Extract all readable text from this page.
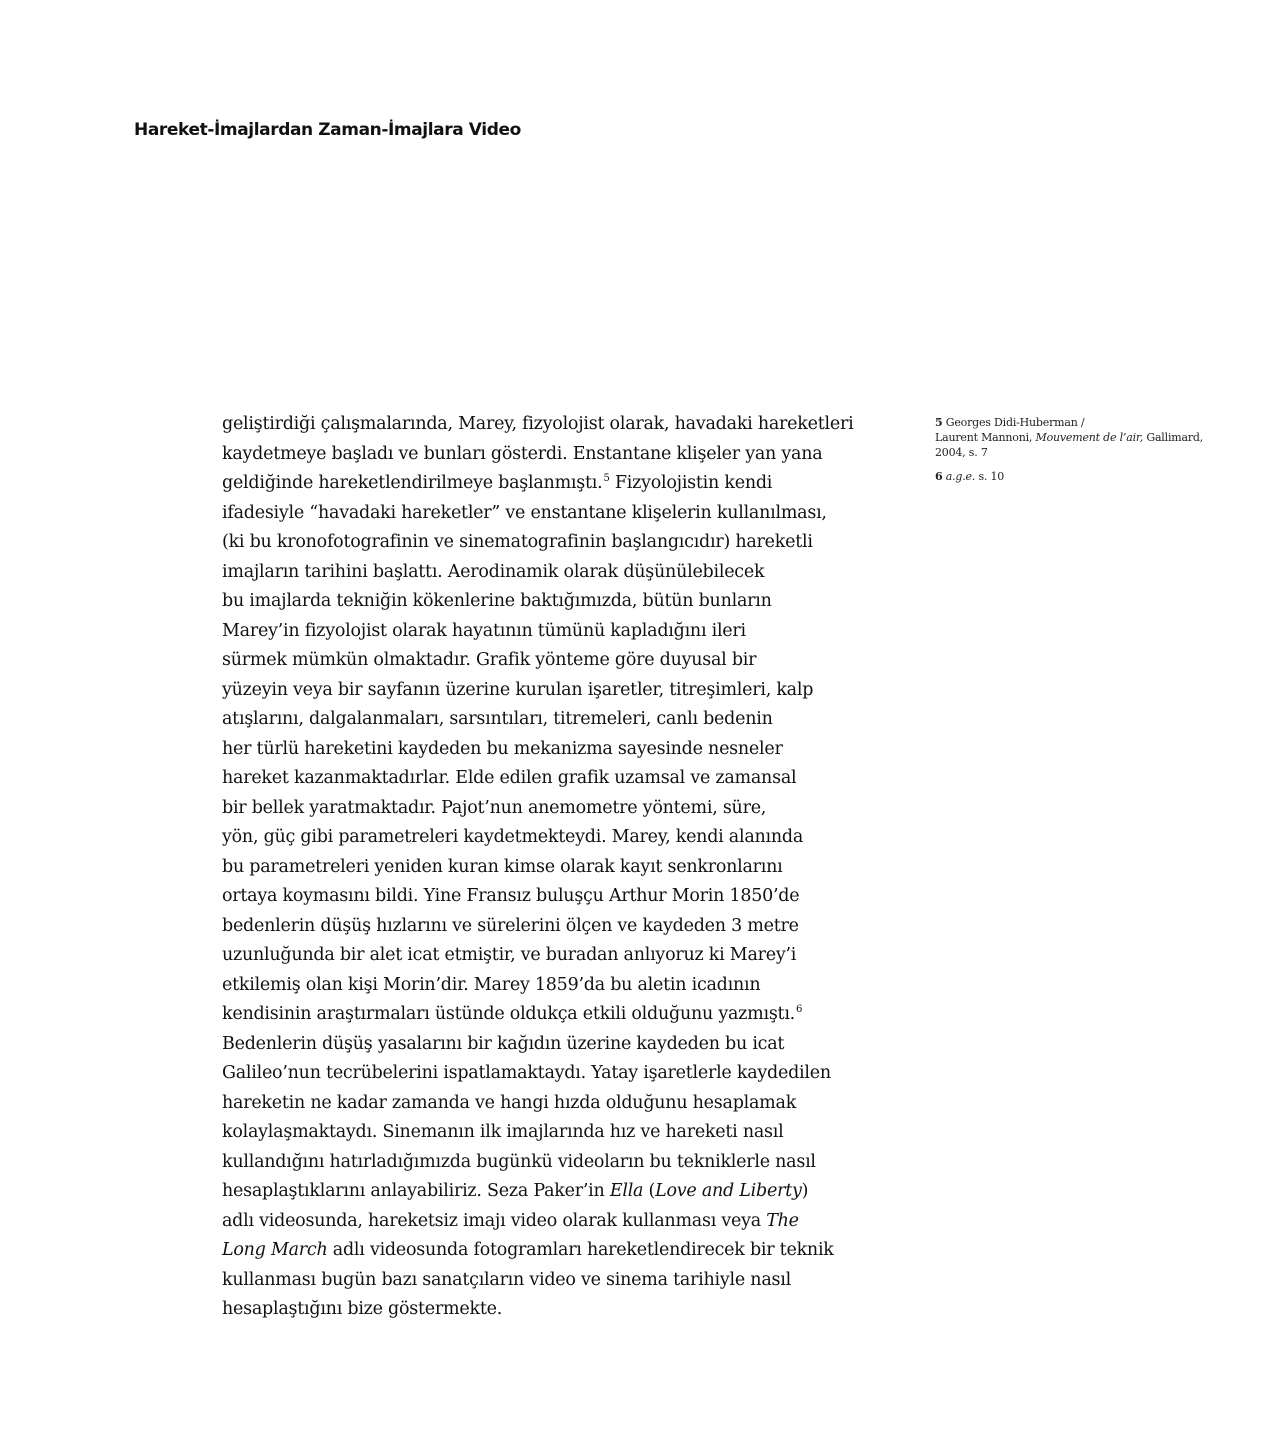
Hareket-İmajlardan Zaman-İmajlara Video
geliştirdiği çalışmalarında, Marey, fizyolojist olarak, havadaki hareketleri
kaydetmeye başladı ve bunları gösterdi. Enstantane klişeler yan yana
geldiğinde hareketlendirilmeye başlanmıştı.$^5$ Fizyolojistin kendi
ifadesiyle “havadaki hareketler” ve enstantane klişelerin kullanılması,
(ki bu kronofotografinin ve sinematografinin başlangıcıdır) hareketli
imajların tarihini başlattı. Aerodinamik olarak düşünülebilecek
bu imajlarda tekniğin kökenlerine baktığımızda, bütün bunların
Marey’in fizyolojist olarak hayatının tümünü kapladığını ileri
sürmek mümkün olmaktadır. Grafik yönteme göre duyusal bir
yüzeyin veya bir sayfanın üzerine kurulan işaretler, titreşimleri, kalp
atışlarını, dalgalanmaları, sarsıntıları, titremeleri, canlı bedenin
her türlü hareketini kaydeden bu mekanizma sayesinde nesneler
hareket kazanmaktadırlar. Elde edilen grafik uzamsal ve zamansal
bir bellek yaratmaktadır. Pajot’nun anemometre yöntemi, süre,
yön, güç gibi parametreleri kaydetmekteydi. Marey, kendi alanında
bu parametreleri yeniden kuran kimse olarak kayıt senkronlarını
ortaya koymasını bildi. Yine Fransız buluşçu Arthur Morin 1850’de
bedenlerin düşüş hızlarını ve sürelerini ölçen ve kaydeden 3 metre
uzunluğunda bir alet icat etmiştir, ve buradan anlıyoruz ki Marey’i
etkilemiş olan kişi Morin’dir. Marey 1859’da bu aletin icadının
kendisinin araştırmaları üstünde oldukça etkili olduğunu yazmıştı.$^6$
Bedenlerin düşüş yasalarını bir kağıdın üzerine kaydeden bu icat
Galileo’nun tecrübelerini ispatlamaktaydı. Yatay işaretlerle kaydedilen
hareketin ne kadar zamanda ve hangi hızda olduğunu hesaplamak
kolaylaşmaktaydı. Sinemanın ilk imajlarında hız ve hareketi nasıl
kullandığını hatırladığımızda bugünkü videoların bu tekniklerle nasıl
hesaplaştıklarını anlayabiliriz. Seza Paker’in Ella (Love and Liberty)
adlı videosunda, hareketsiz imajı video olarak kullanması veya The
Long March adlı videosunda fotogramları hareketlendirecek bir teknik
kullanması bugün bazı sanatçıların video ve sinema tarihiyle nasıl
hesaplaştığını bize göstermekte.
5 Georges Didi-Huberman /
Laurent Mannoni, Mouvement de l’air, Gallimard,
2004, s. 7
6 a.g.e. s. 10
